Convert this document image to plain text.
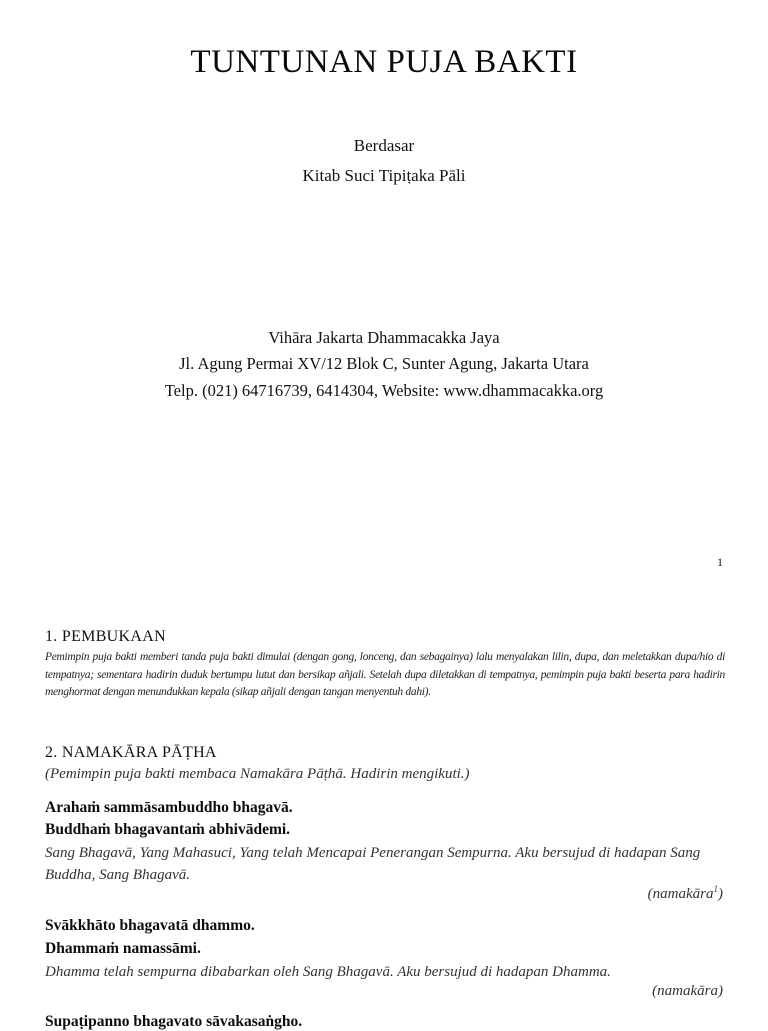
TUNTUNAN PUJA BAKTI
Berdasar
Kitab Suci Tipiṭaka Pāli
Vihāra Jakarta Dhammacakka Jaya
Jl. Agung Permai XV/12 Blok C, Sunter Agung, Jakarta Utara
Telp. (021) 64716739, 6414304, Website: www.dhammacakka.org
1
1. PEMBUKAAN
Pemimpin puja bakti memberi tanda puja bakti dimulai (dengan gong, lonceng, dan sebagainya) lalu menyalakan lilin, dupa, dan meletakkan dupa/hio di tempatnya; sementara hadirin duduk bertumpu lutut dan bersikap añjali. Setelah dupa diletakkan di tempatnya, pemimpin puja bakti beserta para hadirin menghormat dengan menundukkan kepala (sikap añjali dengan tangan menyentuh dahi).
2. NAMAKĀRA PĀṬHA
(Pemimpin puja bakti membaca Namakāra Pāṭhā. Hadirin mengikuti.)
Arahaṁ sammāsambuddho bhagavā.
Buddhaṁ bhagavantaṁ abhivādemi.
Sang Bhagavā, Yang Mahasuci, Yang telah Mencapai Penerangan Sempurna. Aku bersujud di hadapan Sang Buddha, Sang Bhagavā.
(namakāra$^1$)
Svākkhāto bhagavatā dhammo.
Dhammaṁ namassāmi.
Dhamma telah sempurna dibabarkan oleh Sang Bhagavā. Aku bersujud di hadapan Dhamma.
(namakāra)
Supaṭipanno bhagavato sāvakasaṅgho.
